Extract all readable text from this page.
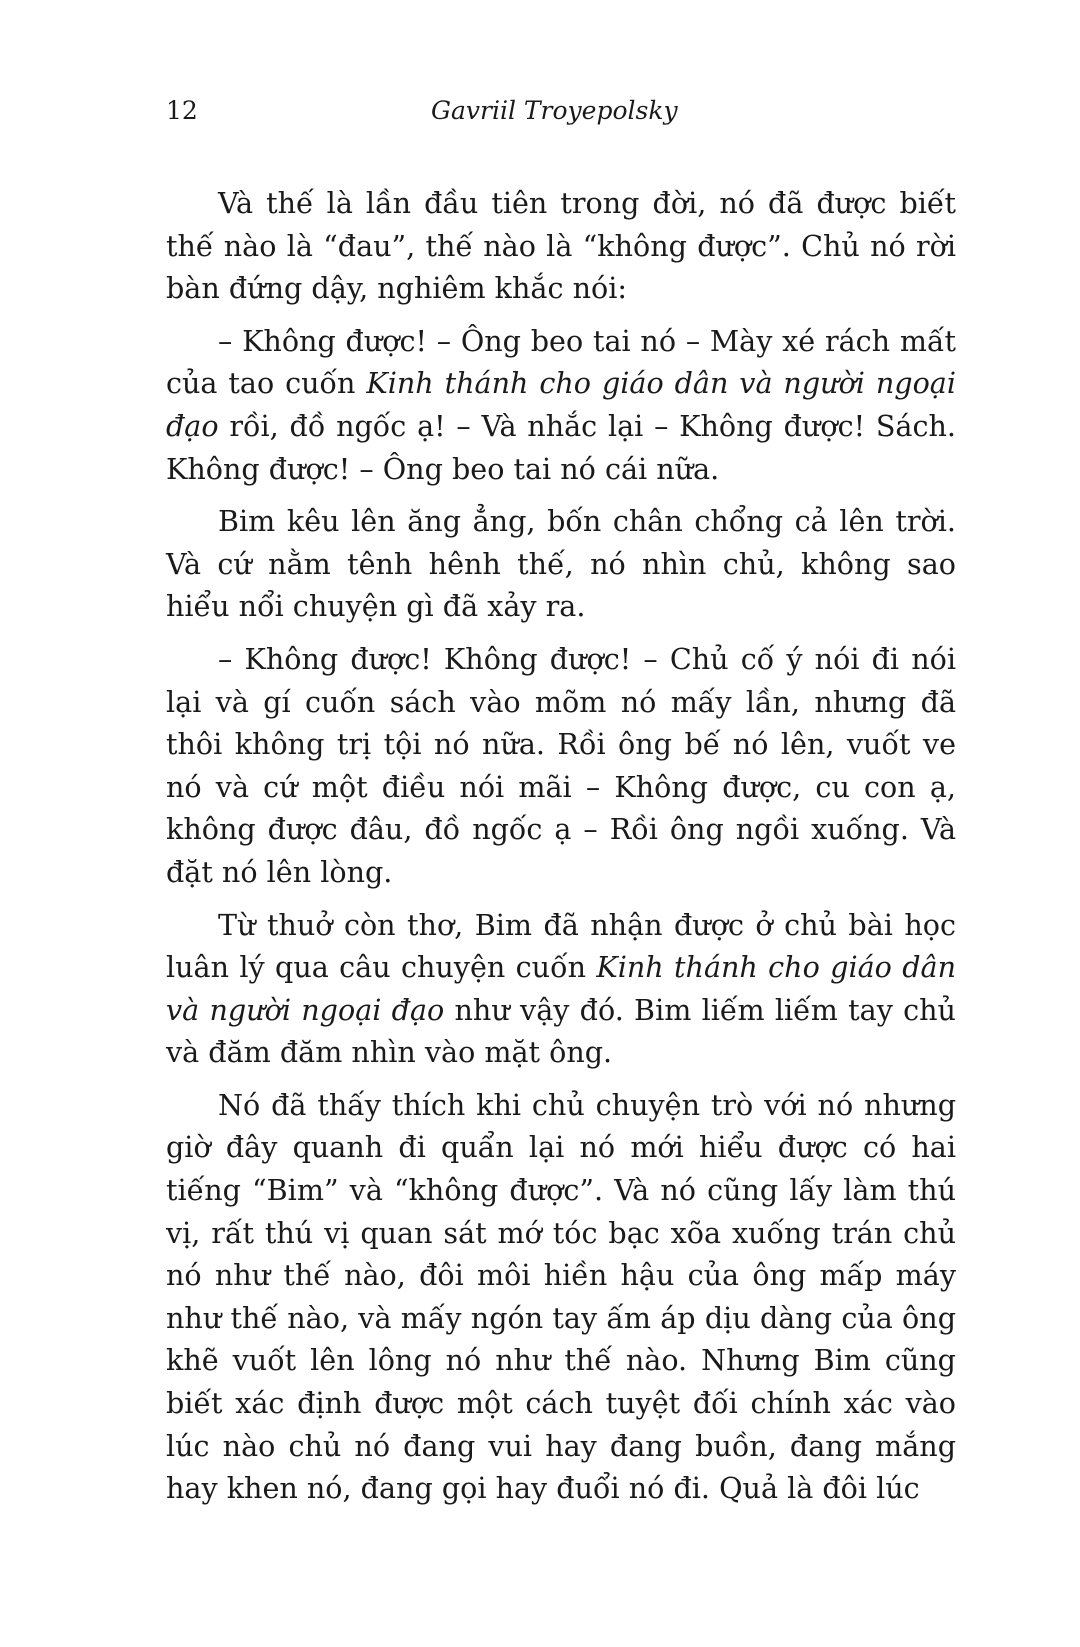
12	Gavriil Troyepolsky

Và thế là lần đầu tiên trong đời, nó đã được biết thế nào là “đau”, thế nào là “không được”. Chủ nó rời bàn đứng dậy, nghiêm khắc nói:

– Không được! – Ông beo tai nó – Mày xé rách mất của tao cuốn Kinh thánh cho giáo dân và người ngoại đạo rồi, đồ ngốc ạ! – Và nhắc lại – Không được! Sách. Không được! – Ông beo tai nó cái nữa.

Bim kêu lên ăng ẳng, bốn chân chổng cả lên trời. Và cứ nằm tênh hênh thế, nó nhìn chủ, không sao hiểu nổi chuyện gì đã xảy ra.

– Không được! Không được! – Chủ cố ý nói đi nói lại và gí cuốn sách vào mõm nó mấy lần, nhưng đã thôi không trị tội nó nữa. Rồi ông bế nó lên, vuốt ve nó và cứ một điều nói mãi – Không được, cu con ạ, không được đâu, đồ ngốc ạ – Rồi ông ngồi xuống. Và đặt nó lên lòng.

Từ thuở còn thơ, Bim đã nhận được ở chủ bài học luân lý qua câu chuyện cuốn Kinh thánh cho giáo dân và người ngoại đạo như vậy đó. Bim liếm liếm tay chủ và đăm đăm nhìn vào mặt ông.

Nó đã thấy thích khi chủ chuyện trò với nó nhưng giờ đây quanh đi quẩn lại nó mới hiểu được có hai tiếng “Bim” và “không được”. Và nó cũng lấy làm thú vị, rất thú vị quan sát mớ tóc bạc xõa xuống trán chủ nó như thế nào, đôi môi hiền hậu của ông mấp máy như thế nào, và mấy ngón tay ấm áp dịu dàng của ông khẽ vuốt lên lông nó như thế nào. Nhưng Bim cũng biết xác định được một cách tuyệt đối chính xác vào lúc nào chủ nó đang vui hay đang buồn, đang mắng hay khen nó, đang gọi hay đuổi nó đi. Quả là đôi lúc
